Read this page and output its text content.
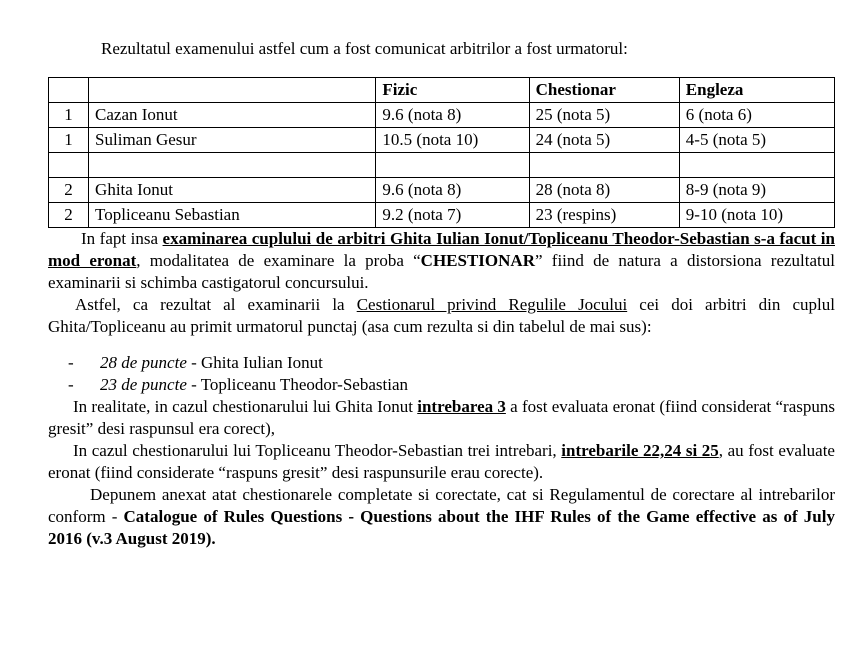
Rezultatul examenului astfel cum a fost comunicat arbitrilor a fost urmatorul:

		Fizic	Chestionar	Engleza
1	Cazan Ionut	9.6 (nota 8)	25 (nota 5)	6 (nota 6)
1	Suliman Gesur	10.5 (nota 10)	24 (nota 5)	4-5 (nota 5)

2	Ghita Ionut	9.6 (nota 8)	28 (nota 8)	8-9 (nota 9)
2	Topliceanu Sebastian	9.2 (nota 7)	23 (respins)	9-10 (nota 10)

In fapt insa examinarea cuplului de arbitri Ghita Iulian Ionut/Topliceanu Theodor-Sebastian s-a facut in mod eronat, modalitatea de examinare la proba “CHESTIONAR” fiind de natura a distorsiona rezultatul examinarii si schimba castigatorul concursului.

Astfel, ca rezultat al examinarii la Cestionarul privind Regulile Jocului cei doi arbitri din cuplul Ghita/Topliceanu au primit urmatorul punctaj (asa cum rezulta si din tabelul de mai sus):

- 28 de puncte - Ghita Iulian Ionut
- 23 de puncte - Topliceanu Theodor-Sebastian

In realitate, in cazul chestionarului lui Ghita Ionut intrebarea 3 a fost evaluata eronat (fiind considerat “raspuns gresit” desi raspunsul era corect),

In cazul chestionarului lui Topliceanu Theodor-Sebastian trei intrebari, intrebarile 22,24 si 25, au fost evaluate eronat (fiind considerate “raspuns gresit” desi raspunsurile erau corecte).

Depunem anexat atat chestionarele completate si corectate, cat si Regulamentul de corectare al intrebarilor conform - Catalogue of Rules Questions - Questions about the IHF Rules of the Game effective as of July 2016 (v.3 August 2019).
